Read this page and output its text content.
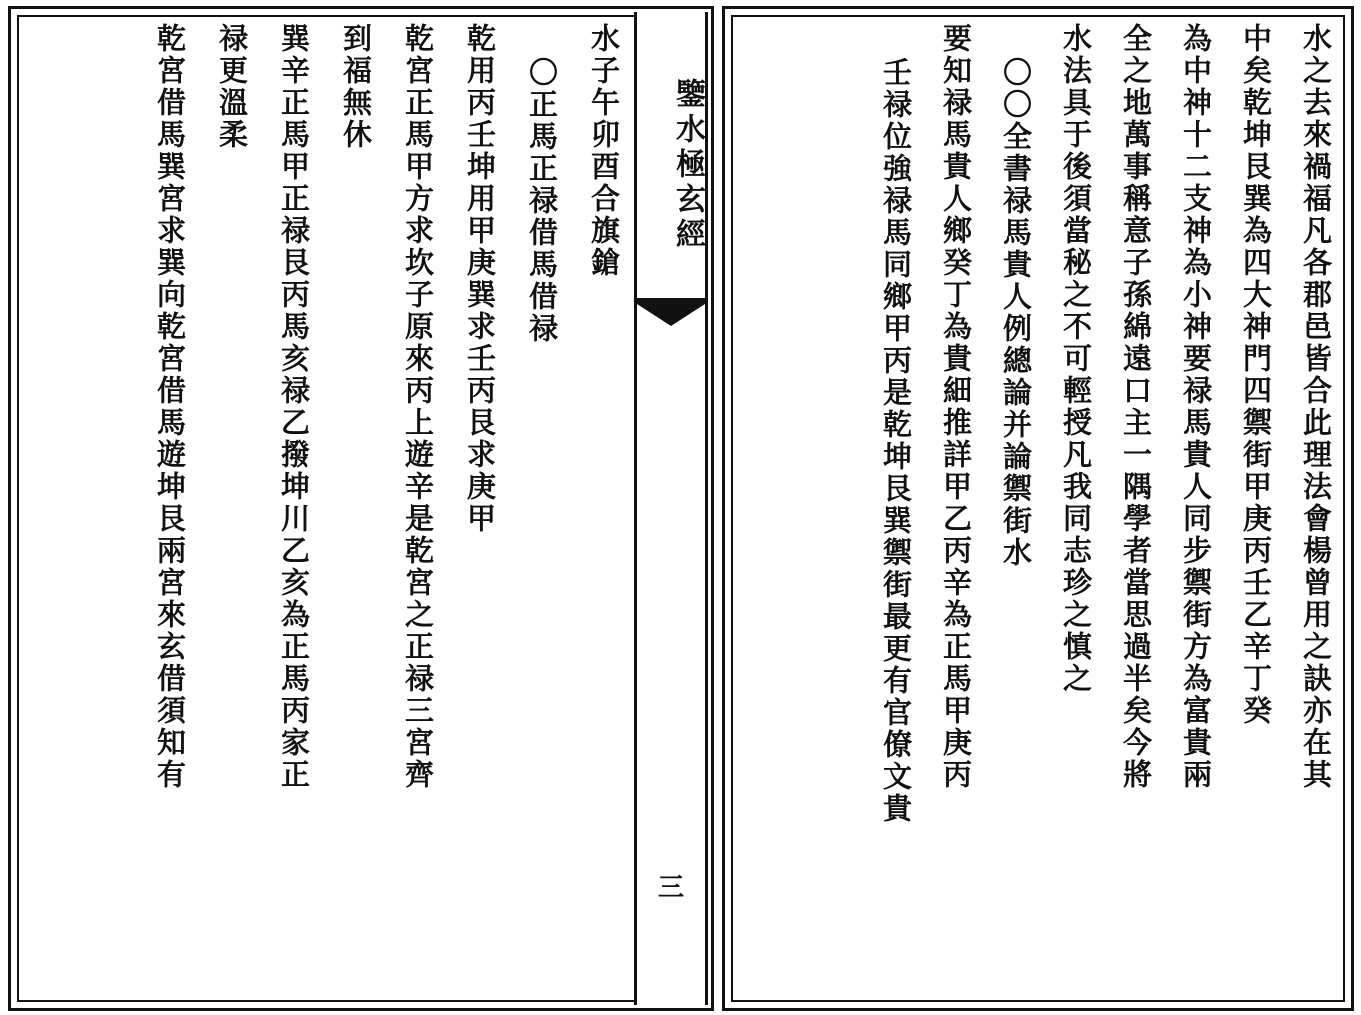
水之去來禍福凡各郡邑皆合此理法會楊曾用之訣亦在其
中矣乾坤艮巽為四大神門四禦街甲庚丙壬乙辛丁癸
為中神十二支神為小神要禄馬貴人同步禦街方為富貴兩
全之地萬事稱意子孫綿遠口主一隅學者當思過半矣今將
水法具于後須當秘之不可輕授凡我同志珍之慎之
〇〇全書禄馬貴人例總論并論禦街水
要知禄馬貴人鄉癸丁為貴細推詳甲乙丙辛為正馬甲庚丙
壬禄位強禄馬同鄉甲丙是乾坤艮巽禦街最更有官僚文貴
水子午卯酉合旗鎗
〇正馬正禄借馬借禄
乾用丙壬坤用甲庚巽求壬丙艮求庚甲
乾宮正馬甲方求坎子原來丙上遊辛是乾宮之正禄三宮齊
到福無休
巽辛正馬甲正禄艮丙馬亥禄乙撥坤川乙亥為正馬丙家正
禄更溫柔
乾宮借馬巽宮求巽向乾宮借馬遊坤艮兩宮來玄借須知有	鑒水極玄經
三
